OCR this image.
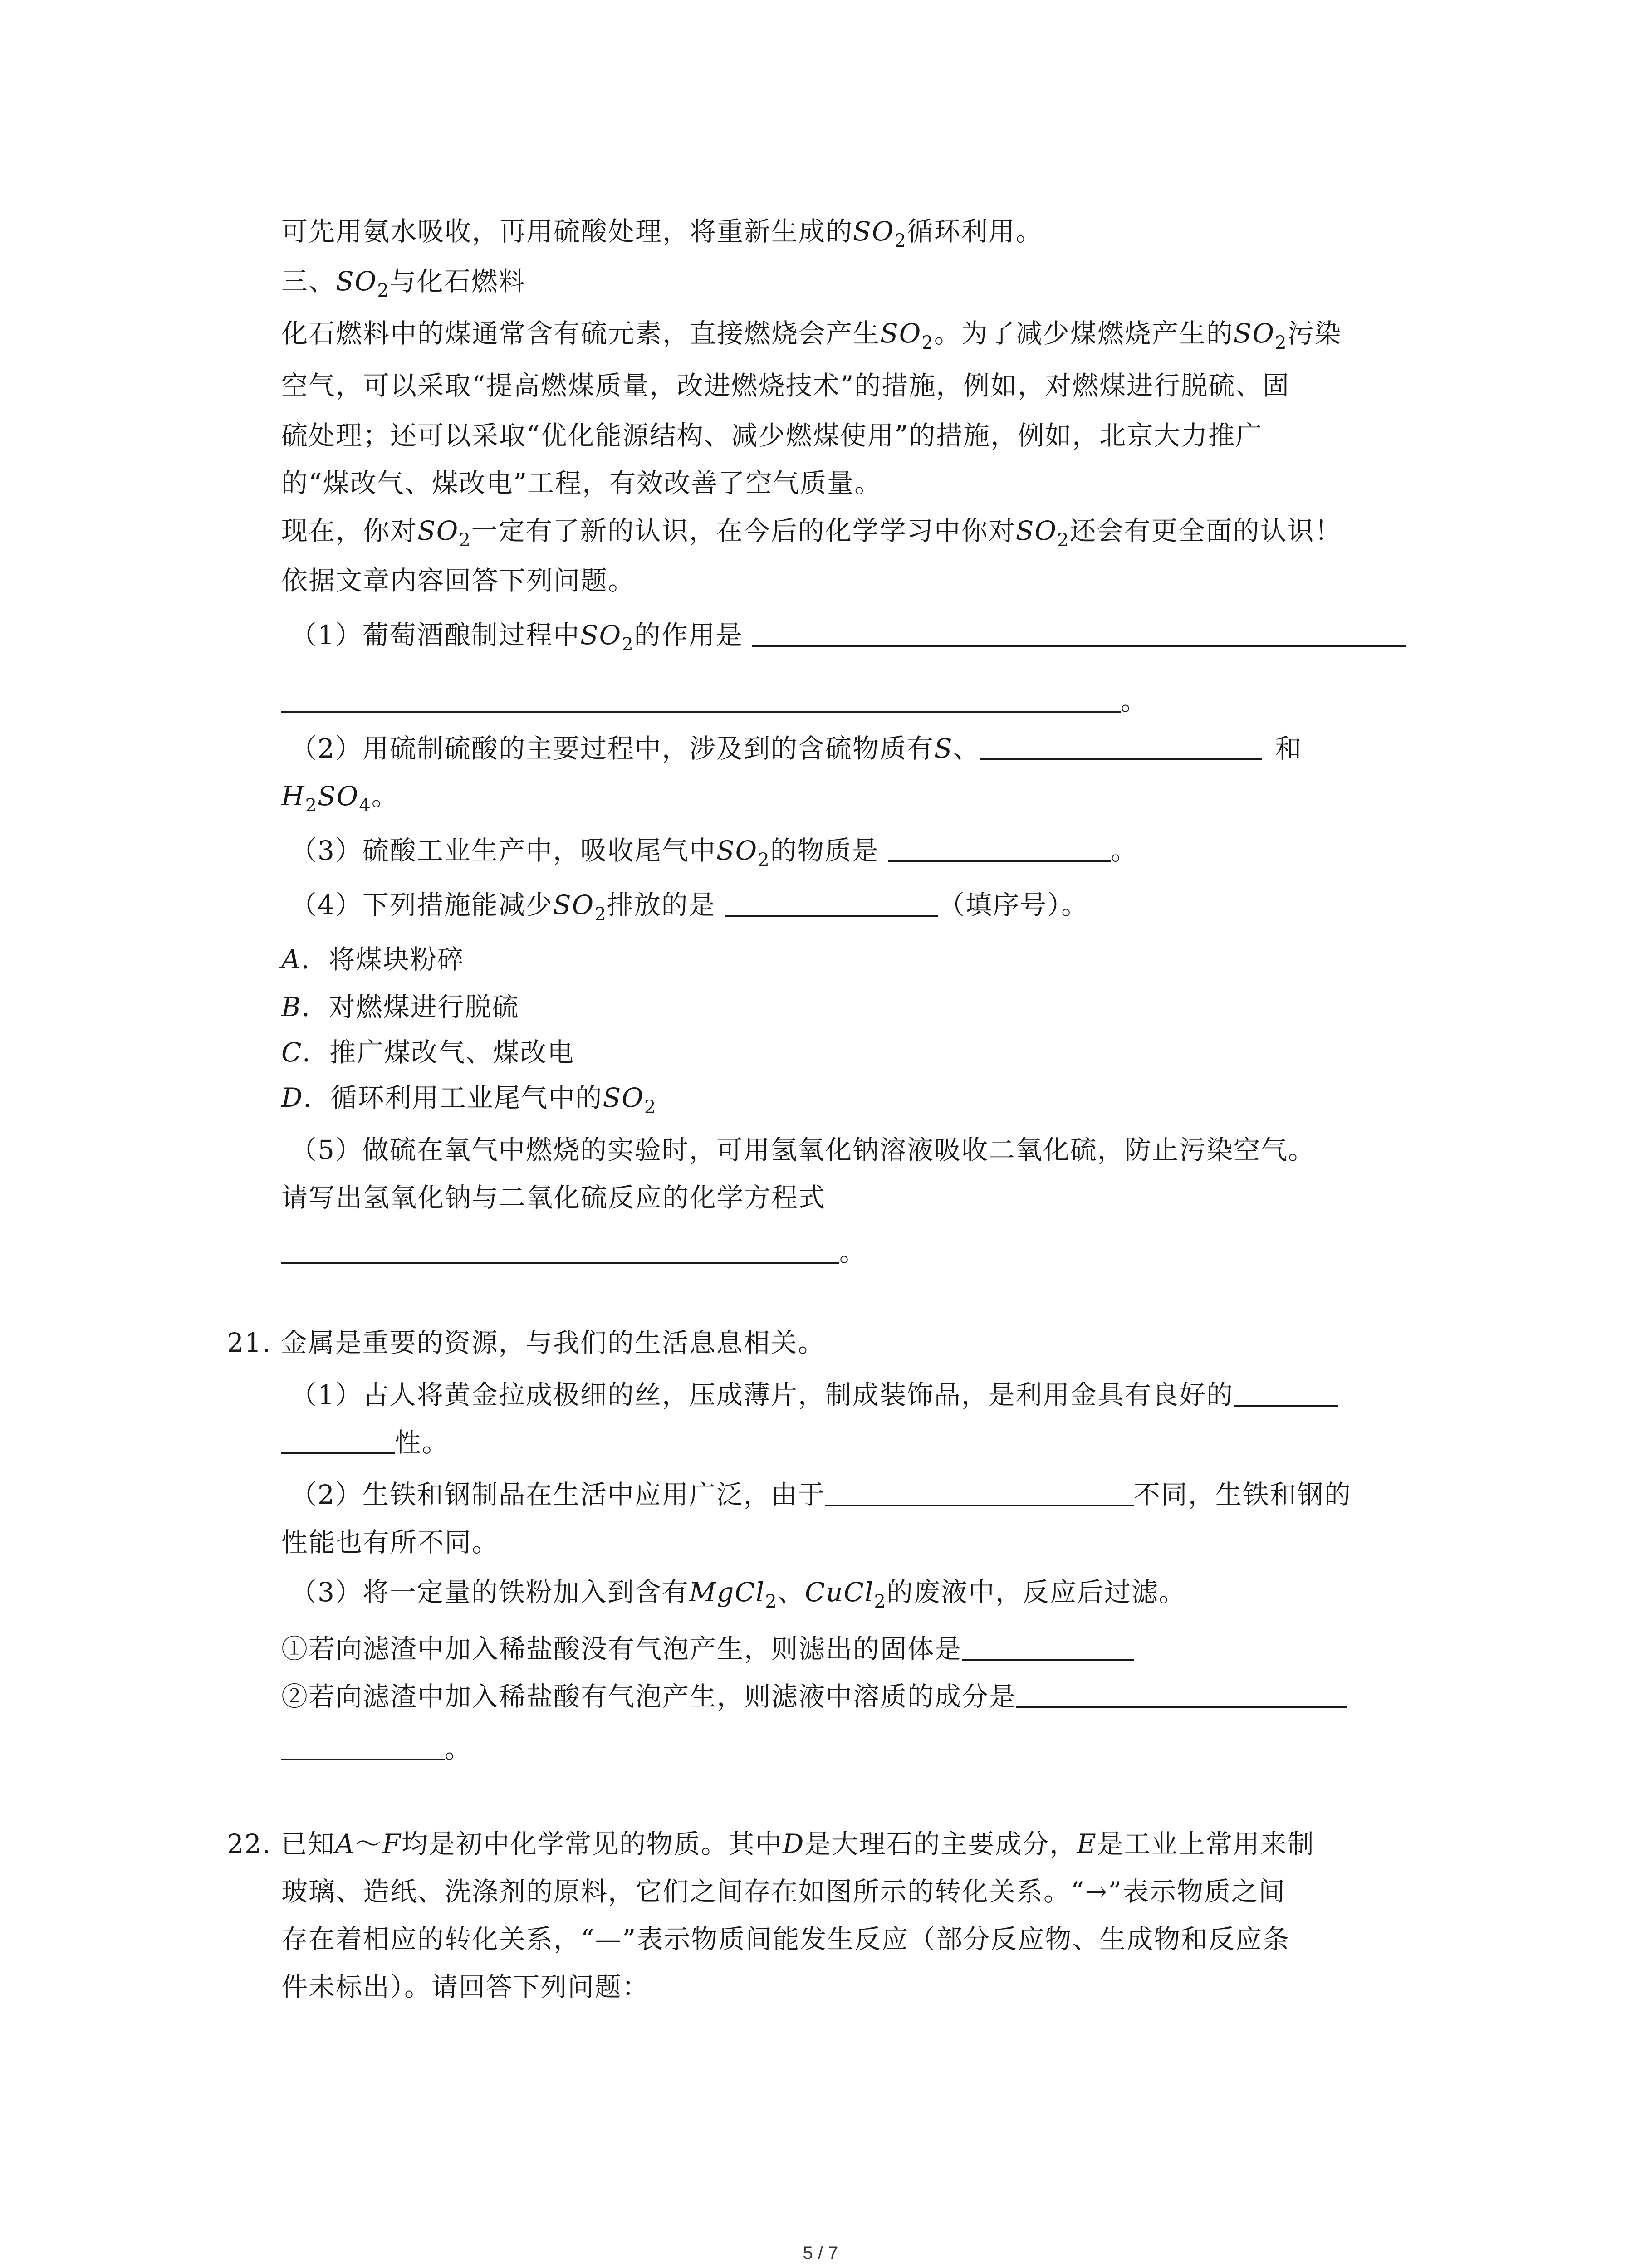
可先用氨水吸收，再用硫酸处理，将重新生成的$SO_2$循环利用。
三、$SO_2$与化石燃料
化石燃料中的煤通常含有硫元素，直接燃烧会产生$SO_2$。为了减少煤燃烧产生的$SO_2$污染
空气，可以采取“提高燃煤质量，改进燃烧技术”的措施，例如，对燃煤进行脱硫、固
硫处理；还可以采取“优化能源结构、减少燃煤使用”的措施，例如，北京大力推广
的“煤改气、煤改电”工程，有效改善了空气质量。
现在，你对$SO_2$一定有了新的认识，在今后的化学学习中你对$SO_2$还会有更全面的认识！
依据文章内容回答下列问题。
（1）葡萄酒酿制过程中$SO_2$的作用是
。
（2）用硫制硫酸的主要过程中，涉及到的含硫物质有S、	和
$H_2SO_4$。
（3）硫酸工业生产中，吸收尾气中$SO_2$的物质是	。
（4）下列措施能减少$SO_2$排放的是	（填序号）。
A．将煤块粉碎
B．对燃煤进行脱硫
C．推广煤改气、煤改电
D．循环利用工业尾气中的$SO_2$
（5）做硫在氧气中燃烧的实验时，可用氢氧化钠溶液吸收二氧化硫，防止污染空气。
请写出氢氧化钠与二氧化硫反应的化学方程式
。
21. 金属是重要的资源，与我们的生活息息相关。
（1）古人将黄金拉成极细的丝，压成薄片，制成装饰品，是利用金具有良好的
性。
（2）生铁和钢制品在生活中应用广泛，由于	不同，生铁和钢的
性能也有所不同。
（3）将一定量的铁粉加入到含有MgCl$_2$、CuCl$_2$的废液中，反应后过滤。
①若向滤渣中加入稀盐酸没有气泡产生，则滤出的固体是
②若向滤渣中加入稀盐酸有气泡产生，则滤液中溶质的成分是
。
22. 已知A～F均是初中化学常见的物质。其中D是大理石的主要成分，E是工业上常用来制
玻璃、造纸、洗涤剂的原料，它们之间存在如图所示的转化关系。“→”表示物质之间
存在着相应的转化关系，“—”表示物质间能发生反应（部分反应物、生成物和反应条
件未标出）。请回答下列问题：
5 / 7
